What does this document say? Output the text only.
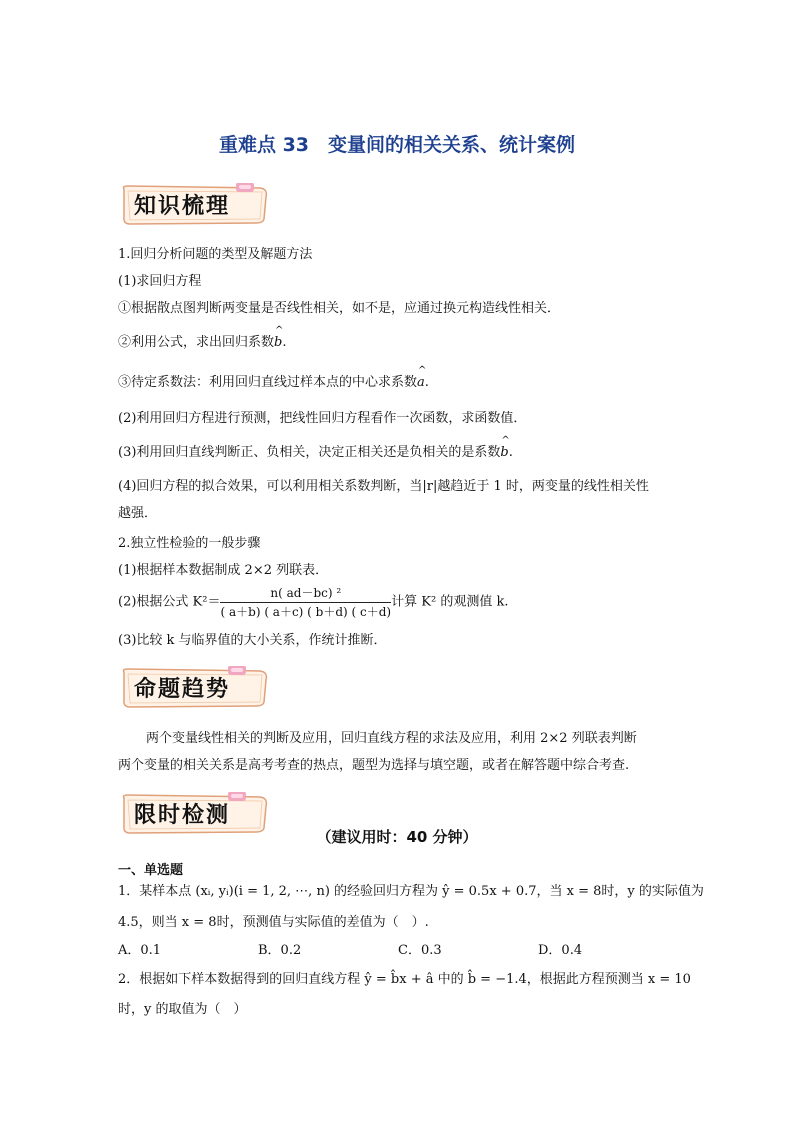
重难点 33　变量间的相关关系、统计案例
知识梳理
1.回归分析问题的类型及解题方法
(1)求回归方程
①根据散点图判断两变量是否线性相关，如不是，应通过换元构造线性相关．
②利用公式，求出回归系数^ b.
③待定系数法：利用回归直线过样本点的中心求系数^ a.
(2)利用回归方程进行预测，把线性回归方程看作一次函数，求函数值．
(3)利用回归直线判断正、负相关，决定正相关还是负相关的是系数^ b.
(4)回归方程的拟合效果，可以利用相关系数判断，当|r|越趋近于 1 时，两变量的线性相关性
越强．
2.独立性检验的一般步骤
(1)根据样本数据制成 2×2 列联表．
(2)根据公式 $K^2= \frac{\text{n( ad－bc) ²}}{( a+b) ( a+c) ( b+d) ( c+d)}$ 计算 K² 的观测值 k.
(3)比较 k 与临界值的大小关系，作统计推断．
命题趋势
两个变量线性相关的判断及应用，回归直线方程的求法及应用，利用 2×2 列联表判断
两个变量的相关关系是高考考查的热点，题型为选择与填空题，或者在解答题中综合考查.
限时检测
（建议用时：40 分钟）
一、单选题
1．某样本点 (xᵢ, yᵢ)(i = 1, 2, ⋯, n) 的经验回归方程为 ŷ = 0.5x + 0.7，当 x = 8时，y 的实际值为
4.5，则当 x = 8时，预测值与实际值的差值为（　）.
A．0.1	B．0.2	C．0.3	D．0.4
2．根据如下样本数据得到的回归直线方程 ŷ = b̂x + â 中的 b̂ = −1.4，根据此方程预测当 x = 10
时，y 的取值为（　）
